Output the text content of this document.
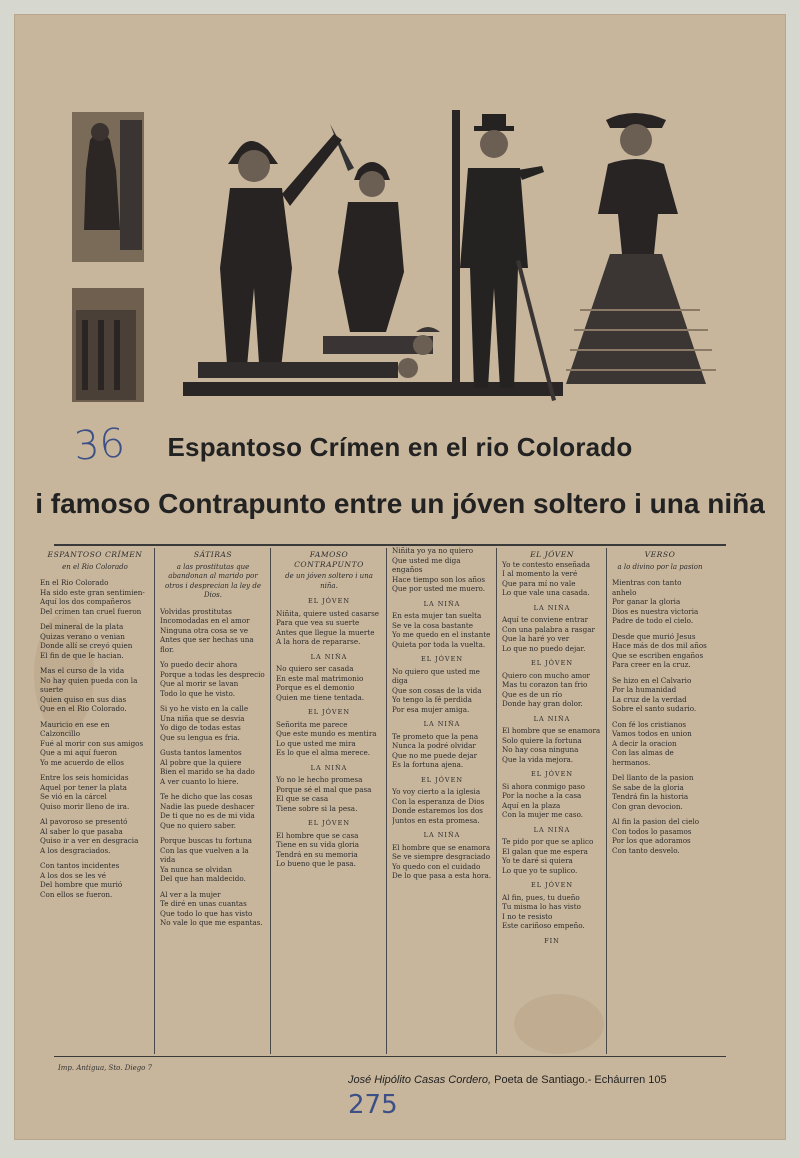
36	Espantoso Crímen en el rio Colorado
i famoso Contrapunto entre un jóven soltero i una niña
ESPANTOSO CRÍMEN
en el Rio Colorado
En el Rio Colorado
Ha sido este gran sentimien-
Aquí los dos compañeros
Del crímen tan cruel fueron
Del mineral de la plata
Quizas verano o venian
Donde allí se creyó quien
El fin de que le hacian.
Mas el curso de la vida
No hay quien pueda con la suerte
Quien quiso en sus dias
Que en el Rio Colorado.
Mauricio en ese en Calzoncillo
Fué al morir con sus amigos
Que a mi aquí fueron
Yo me acuerdo de ellos
Entre los seis homicidas
Aquel por tener la plata
Se vió en la cárcel
Quiso morir lleno de ira.
Al pavoroso se presentó
Al saber lo que pasaba
Quiso ir a ver en desgracia
A los desgraciados.
Con tantos incidentes
A los dos se les vé
Del hombre que murió
Con ellos se fueron.
SÁTIRAS
a las prostitutas que abandonan al marido por otros i desprecian la ley de Dios.
Volvidas prostitutas
Incomodadas en el amor
Ninguna otra cosa se ve
Antes que ser hechas una flor.
Yo puedo decir ahora
Porque a todas les desprecio
Que al morir se lavan
Todo lo que he visto.
Si yo he visto en la calle
Una niña que se desvia
Yo digo de todas estas
Que su lengua es fria.
Gusta tantos lamentos
Al pobre que la quiere
Bien el marido se ha dado
A ver cuanto lo hiere.
Te he dicho que las cosas
Nadie las puede deshacer
De ti que no es de mi vida
Que no quiero saber.
Porque buscas tu fortuna
Con las que vuelven a la vida
Ya nunca se olvidan
Del que han maldecido.
Al ver a la mujer
Te diré en unas cuantas
Que todo lo que has visto
No vale lo que me espantas.
FAMOSO CONTRAPUNTO
de un jóven soltero i una niña.
EL JÓVEN
Niñita, quiere usted casarse
Para que vea su suerte
Antes que llegue la muerte
A la hora de repararse.
LA NIÑA
No quiero ser casada
En este mal matrimonio
Porque es el demonio
Quien me tiene tentada.
EL JÓVEN
Señorita me parece
Que este mundo es mentira
Lo que usted me mira
Es lo que el alma merece.
LA NIÑA
Yo no le hecho promesa
Porque sé el mal que pasa
El que se casa
Tiene sobre si la pesa.
EL JÓVEN
El hombre que se casa
Tiene en su vida gloria
Tendrá en su memoria
Lo bueno que le pasa.
Niñita yo ya no quiero
Que usted me diga engaños
Hace tiempo son los años
Que por usted me muero.
LA NIÑA
En esta mujer tan suelta
Se ve la cosa bastante
Yo me quedo en el instante
Quieta por toda la vuelta.
EL JÓVEN
No quiero que usted me diga
Que son cosas de la vida
Yo tengo la fé perdida
Por esa mujer amiga.
LA NIÑA
Te prometo que la pena
Nunca la podré olvidar
Que no me puede dejar
Es la fortuna ajena.
EL JÓVEN
Yo voy cierto a la iglesia
Con la esperanza de Dios
Donde estaremos los dos
Juntos en esta promesa.
LA NIÑA
El hombre que se enamora
Se ve siempre desgraciado
Yo quedo con el cuidado
De lo que pasa a esta hora.
EL JÓVEN
Yo te contesto enseñada
I al momento la veré
Que para mí no vale
Lo que vale una casada.
LA NIÑA
Aquí te conviene entrar
Con una palabra a rasgar
Que la haré yo ver
Lo que no puedo dejar.
EL JÓVEN
Quiero con mucho amor
Mas tu corazon tan frio
Que es de un río
Donde hay gran dolor.
LA NIÑA
El hombre que se enamora
Solo quiere la fortuna
No hay cosa ninguna
Que la vida mejora.
EL JÓVEN
Si ahora conmigo paso
Por la noche a la casa
Aquí en la plaza
Con la mujer me caso.
LA NIÑA
Te pido por que se aplico
El galan que me espera
Yo te daré si quiera
Lo que yo te suplico.
EL JÓVEN
Al fin, pues, tu dueño
Tu misma lo has visto
I no te resisto
Este cariñoso empeño.
FIN
VERSO
a lo divino por la pasion
Mientras con tanto anhelo
Por ganar la gloria
Dios es nuestra victoria
Padre de todo el cielo.
Desde que murió Jesus
Hace más de dos mil años
Que se escriben engaños
Para creer en la cruz.
Se hizo en el Calvario
Por la humanidad
La cruz de la verdad
Sobre el santo sudario.
Con fé los cristianos
Vamos todos en union
A decir la oracion
Con las almas de hermanos.
Del llanto de la pasion
Se sabe de la gloria
Tendrá fin la historia
Con gran devocion.
Al fin la pasion del cielo
Con todos lo pasamos
Por los que adoramos
Con tanto desvelo.
Imp. Antigua, Sto. Diego 7
José Hipólito Casas Cordero, Poeta de Santiago.- Echáurren 105
275
